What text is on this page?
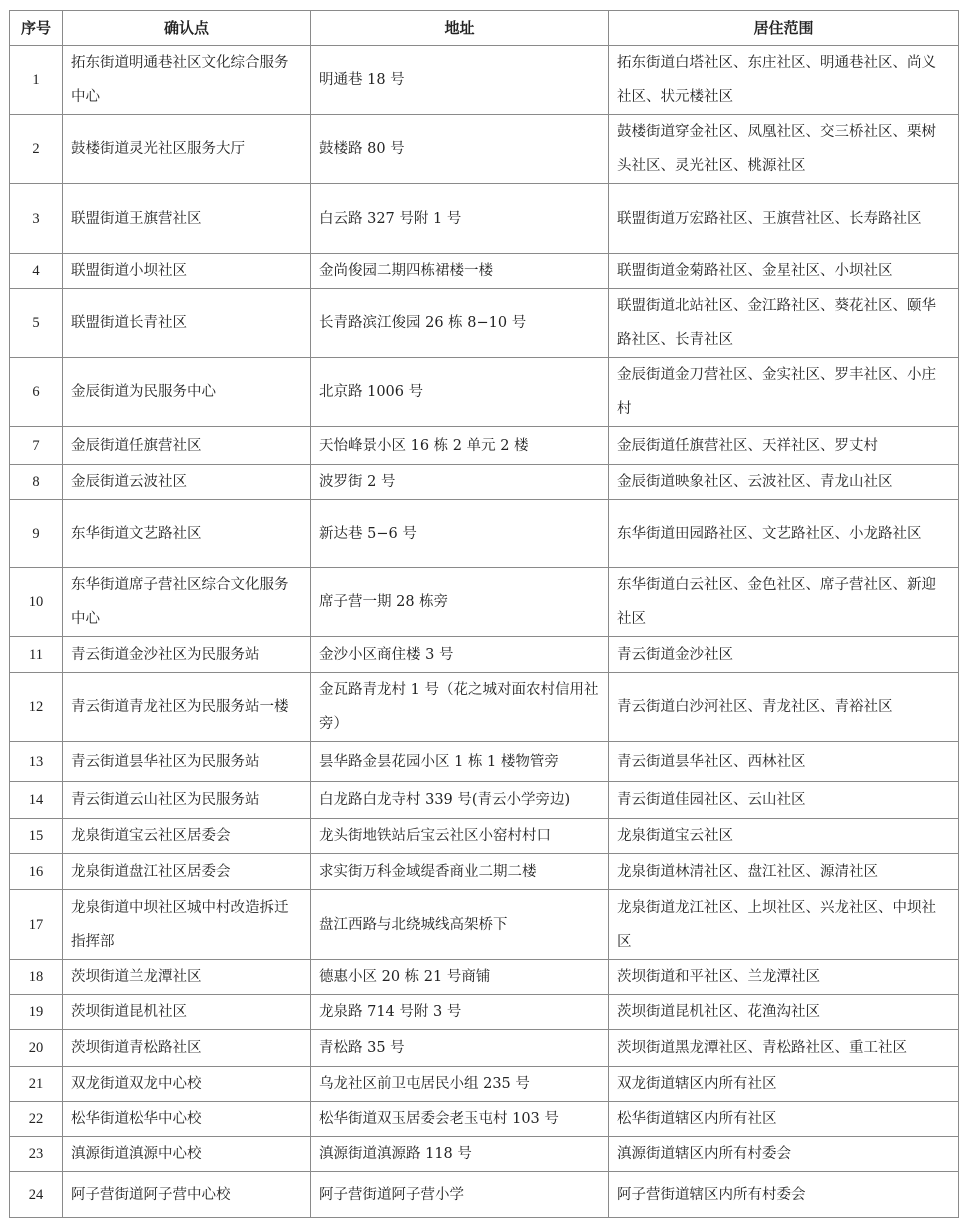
序号	确认点	地址	居住范围
1	拓东街道明通巷社区文化综合服务中心	明通巷 18 号	拓东街道白塔社区、东庄社区、明通巷社区、尚义社区、状元楼社区
2	鼓楼街道灵光社区服务大厅	鼓楼路 80 号	鼓楼街道穿金社区、凤凰社区、交三桥社区、栗树头社区、灵光社区、桃源社区
3	联盟街道王旗营社区	白云路 327 号附 1 号	联盟街道万宏路社区、王旗营社区、长寿路社区
4	联盟街道小坝社区	金尚俊园二期四栋裙楼一楼	联盟街道金菊路社区、金星社区、小坝社区
5	联盟街道长青社区	长青路滨江俊园 26 栋 8−10 号	联盟街道北站社区、金江路社区、葵花社区、颐华路社区、长青社区
6	金辰街道为民服务中心	北京路 1006 号	金辰街道金刀营社区、金实社区、罗丰社区、小庄村
7	金辰街道任旗营社区	天怡峰景小区 16 栋 2 单元 2 楼	金辰街道任旗营社区、天祥社区、罗丈村
8	金辰街道云波社区	波罗街 2 号	金辰街道映象社区、云波社区、青龙山社区
9	东华街道文艺路社区	新达巷 5−6 号	东华街道田园路社区、文艺路社区、小龙路社区
10	东华街道席子营社区综合文化服务中心	席子营一期 28 栋旁	东华街道白云社区、金色社区、席子营社区、新迎社区
11	青云街道金沙社区为民服务站	金沙小区商住楼 3 号	青云街道金沙社区
12	青云街道青龙社区为民服务站一楼	金瓦路青龙村 1 号（花之城对面农村信用社旁）	青云街道白沙河社区、青龙社区、青裕社区
13	青云街道昙华社区为民服务站	昙华路金昙花园小区 1 栋 1 楼物管旁	青云街道昙华社区、西林社区
14	青云街道云山社区为民服务站	白龙路白龙寺村 339 号(青云小学旁边)	青云街道佳园社区、云山社区
15	龙泉街道宝云社区居委会	龙头街地铁站后宝云社区小窑村村口	龙泉街道宝云社区
16	龙泉街道盘江社区居委会	求实街万科金域缇香商业二期二楼	龙泉街道林清社区、盘江社区、源清社区
17	龙泉街道中坝社区城中村改造拆迁指挥部	盘江西路与北绕城线高架桥下	龙泉街道龙江社区、上坝社区、兴龙社区、中坝社区
18	茨坝街道兰龙潭社区	德惠小区 20 栋 21 号商铺	茨坝街道和平社区、兰龙潭社区
19	茨坝街道昆机社区	龙泉路 714 号附 3 号	茨坝街道昆机社区、花渔沟社区
20	茨坝街道青松路社区	青松路 35 号	茨坝街道黑龙潭社区、青松路社区、重工社区
21	双龙街道双龙中心校	乌龙社区前卫屯居民小组 235 号	双龙街道辖区内所有社区
22	松华街道松华中心校	松华街道双玉居委会老玉屯村 103 号	松华街道辖区内所有社区
23	滇源街道滇源中心校	滇源街道滇源路 118 号	滇源街道辖区内所有村委会
24	阿子营街道阿子营中心校	阿子营街道阿子营小学	阿子营街道辖区内所有村委会
